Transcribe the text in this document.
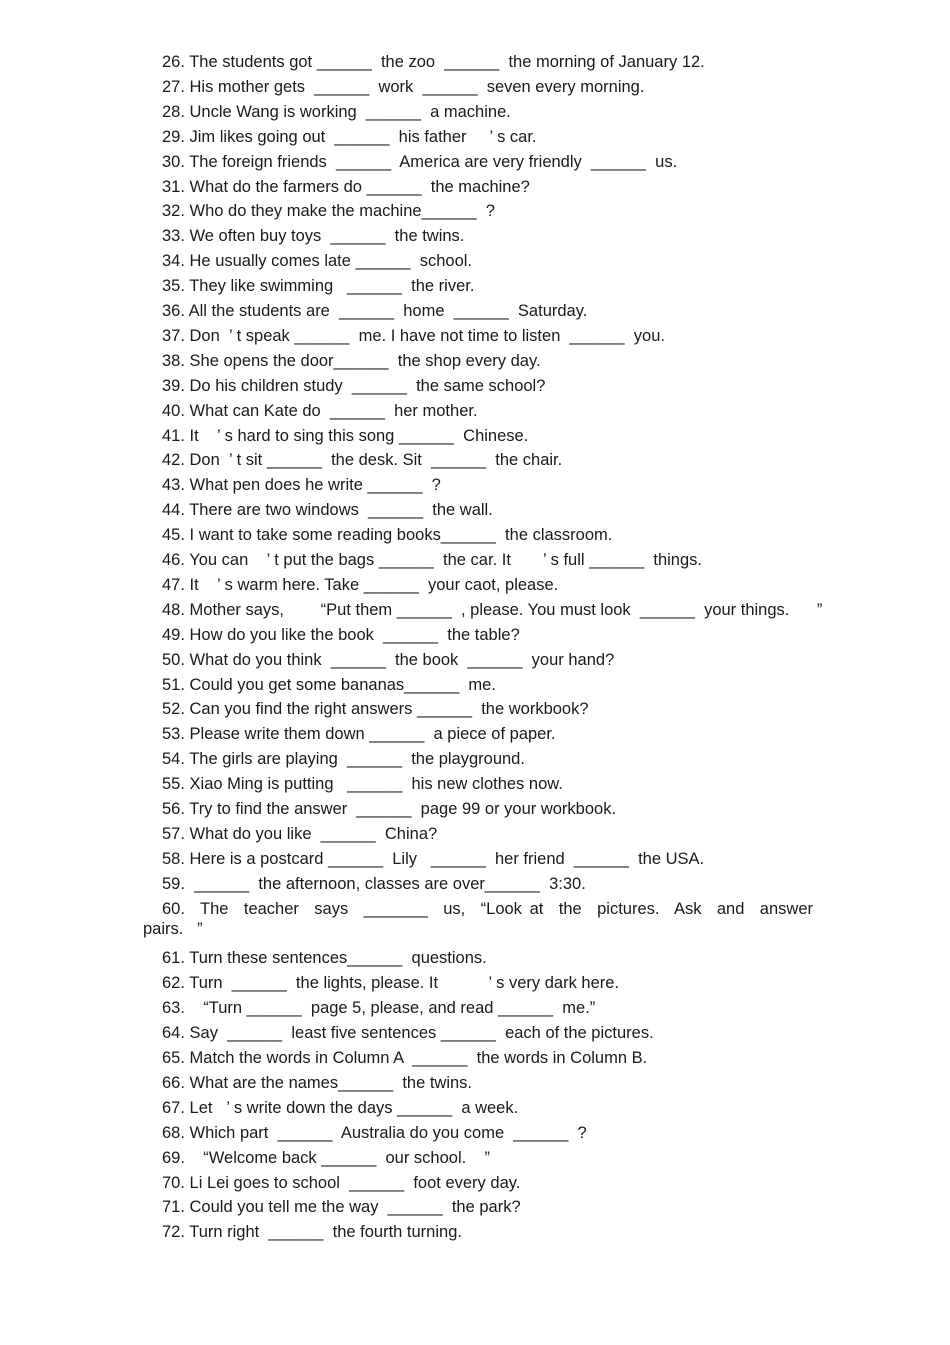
26. The students got ______  the zoo  ______  the morning of January 12.
27. His mother gets  ______  work  ______  seven every morning.
28. Uncle Wang is working  ______  a machine.
29. Jim likes going out  ______  his father     ’ s car.
30. The foreign friends  ______  America are very friendly  ______  us.
31. What do the farmers do ______  the machine?
32. Who do they make the machine______  ?
33. We often buy toys  ______  the twins.
34. He usually comes late ______  school.
35. They like swimming   ______  the river.
36. All the students are  ______  home  ______  Saturday.
37. Don  ’ t speak ______  me. I have not time to listen  ______  you.
38. She opens the door______  the shop every day.
39. Do his children study  ______  the same school?
40. What can Kate do  ______  her mother.
41. It    ’ s hard to sing this song ______  Chinese.
42. Don  ’ t sit ______  the desk. Sit  ______  the chair.
43. What pen does he write ______  ?
44. There are two windows  ______  the wall.
45. I want to take some reading books______  the classroom.
46. You can    ’ t put the bags ______  the car. It       ’ s full ______  things.
47. It    ’ s warm here. Take ______  your caot, please.
48. Mother says,        “Put them ______  , please. You must look  ______  your things.      ”
49. How do you like the book  ______  the table?
50. What do you think  ______  the book  ______  your hand?
51. Could you get some bananas______  me.
52. Can you find the right answers ______  the workbook?
53. Please write them down ______  a piece of paper.
54. The girls are playing  ______  the playground.
55. Xiao Ming is putting   ______  his new clothes now.
56. Try to find the answer  ______  page 99 or your workbook.
57. What do you like  ______  China?
58. Here is a postcard ______  Lily   ______  her friend  ______  the USA.
59.  ______  the afternoon, classes are over______  3:30.
60.  The  teacher  says  _______  us,  “Look at  the  pictures.  Ask  and  answer
pairs.   ”
61. Turn these sentences______  questions.
62. Turn  ______  the lights, please. It           ’ s very dark here.
63.    “Turn ______  page 5, please, and read ______  me.”
64. Say  ______  least five sentences ______  each of the pictures.
65. Match the words in Column A  ______  the words in Column B.
66. What are the names______  the twins.
67. Let   ’ s write down the days ______  a week.
68. Which part  ______  Australia do you come  ______  ?
69.    “Welcome back ______  our school.    ”
70. Li Lei goes to school  ______  foot every day.
71. Could you tell me the way  ______  the park?
72. Turn right  ______  the fourth turning.
